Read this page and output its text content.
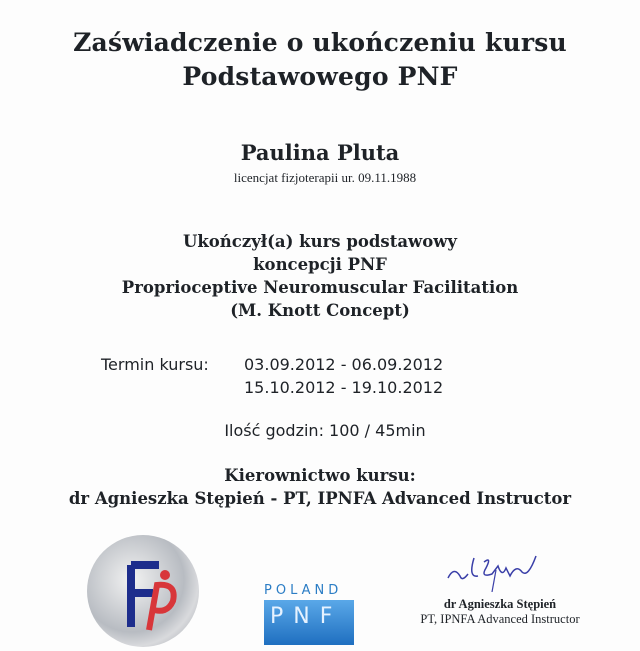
Zaświadczenie o ukończeniu kursu
Podstawowego PNF
Paulina Pluta
licencjat fizjoterapii ur. 09.11.1988
Ukończył(a) kurs podstawowy
koncepcji PNF
Proprioceptive Neuromuscular Facilitation
(M. Knott Concept)
Termin kursu: 03.09.2012 - 06.09.2012
15.10.2012 - 19.10.2012
Ilość godzin: 100 / 45min
Kierownictwo kursu:
dr Agnieszka Stępień - PT, IPNFA Advanced Instructor
POLAND
PNF	dr Agnieszka Stępień
PT, IPNFA Advanced Instructor
